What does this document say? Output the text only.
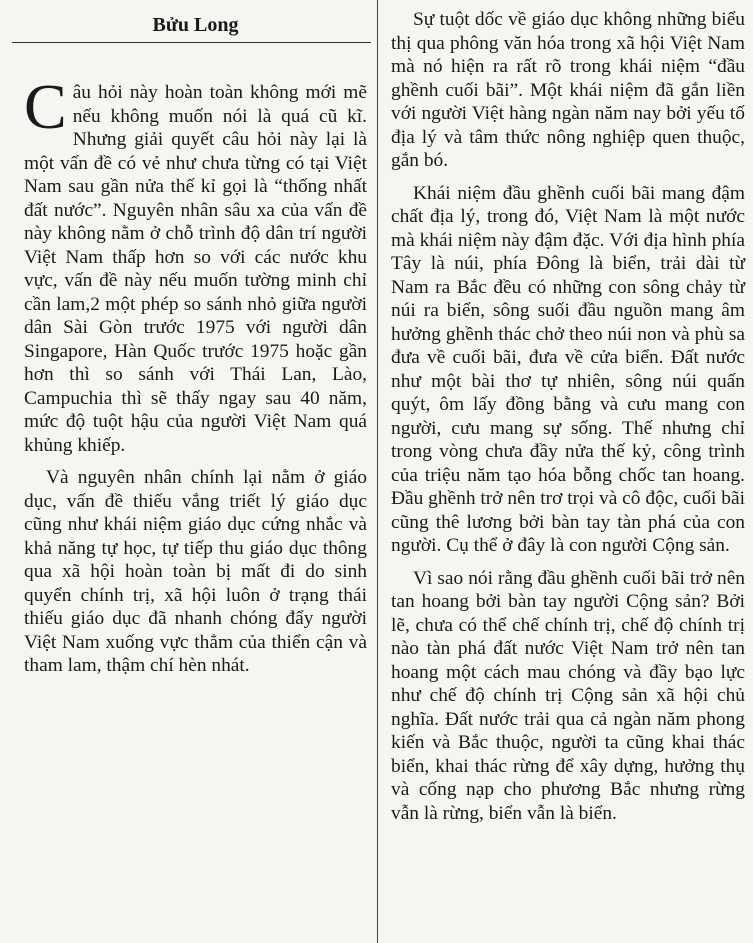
Bửu Long

Câu hỏi này hoàn toàn không mới mẽ nếu không muốn nói là quá cũ kĩ. Nhưng giải quyết câu hỏi này lại là một vấn đề có vẻ như chưa từng có tại Việt Nam sau gần nửa thế kỉ gọi là “thống nhất đất nước”. Nguyên nhân sâu xa của vấn đề này không nằm ở chỗ trình độ dân trí người Việt Nam thấp hơn so với các nước khu vực, vấn đề này nếu muốn tường minh chỉ cần lam,2 một phép so sánh nhỏ giữa người dân Sài Gòn trước 1975 với người dân Singapore, Hàn Quốc trước 1975 hoặc gần hơn thì so sánh với Thái Lan, Lào, Campuchia thì sẽ thấy ngay sau 40 năm, mức độ tuột hậu của người Việt Nam quá khủng khiếp.

Và nguyên nhân chính lại nằm ở giáo dục, vấn đề thiếu vắng triết lý giáo dục cũng như khái niệm giáo dục cứng nhắc và khả năng tự học, tự tiếp thu giáo dục thông qua xã hội hoàn toàn bị mất đi do sinh quyển chính trị, xã hội luôn ở trạng thái thiếu giáo dục đã nhanh chóng đẩy người Việt Nam xuống vực thẳm của thiển cận và tham lam, thậm chí hèn nhát.

Sự tuột dốc về giáo dục không những biểu thị qua phông văn hóa trong xã hội Việt Nam mà nó hiện ra rất rõ trong khái niệm “đầu ghềnh cuối bãi”. Một khái niệm đã gắn liền với người Việt hàng ngàn năm nay bởi yếu tố địa lý và tâm thức nông nghiệp quen thuộc, gắn bó.

Khái niệm đầu ghềnh cuối bãi mang đậm chất địa lý, trong đó, Việt Nam là một nước mà khái niệm này đậm đặc. Với địa hình phía Tây là núi, phía Đông là biển, trải dài từ Nam ra Bắc đều có những con sông chảy từ núi ra biển, sông suối đầu nguồn mang âm hưởng ghềnh thác chở theo núi non và phù sa đưa về cuối bãi, đưa về cửa biển. Đất nước như một bài thơ tự nhiên, sông núi quấn quýt, ôm lấy đồng bằng và cưu mang con người, cưu mang sự sống. Thế nhưng chỉ trong vòng chưa đầy nửa thế kỷ, công trình của triệu năm tạo hóa bỗng chốc tan hoang. Đầu ghềnh trở nên trơ trọi và cô độc, cuối bãi cũng thê lương bởi bàn tay tàn phá của con người. Cụ thể ở đây là con người Cộng sản.

Vì sao nói rằng đầu ghềnh cuối bãi trở nên tan hoang bởi bàn tay người Cộng sản? Bởi lẽ, chưa có thể chế chính trị, chế độ chính trị nào tàn phá đất nước Việt Nam trở nên tan hoang một cách mau chóng và đầy bạo lực như chế độ chính trị Cộng sản xã hội chủ nghĩa. Đất nước trải qua cả ngàn năm phong kiến và Bắc thuộc, người ta cũng khai thác biển, khai thác rừng để xây dựng, hưởng thụ và cống nạp cho phương Bắc nhưng rừng vẫn là rừng, biển vẫn là biển.
